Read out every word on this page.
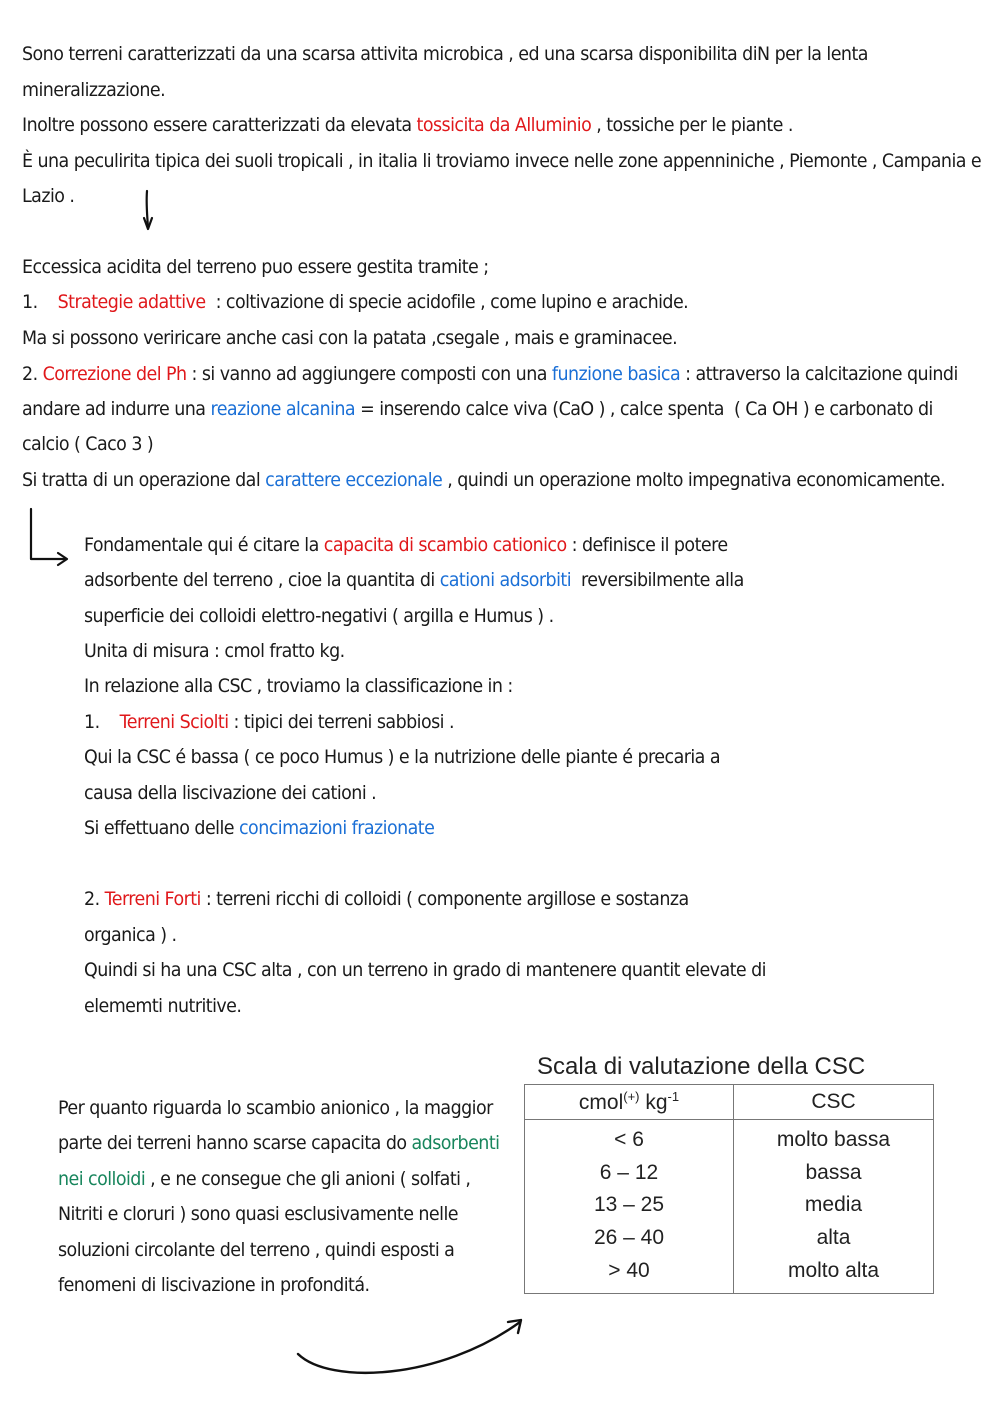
Sono terreni caratterizzati da una scarsa attivita microbica , ed una scarsa disponibilita diN per la lenta
mineralizzazione.
Inoltre possono essere caratterizzati da elevata tossicita da Alluminio , tossiche per le piante .
È una peculirita tipica dei suoli tropicali , in italia li troviamo invece nelle zone appenniniche , Piemonte , Campania e
Lazio .
Eccessica acidita del terreno puo essere gestita tramite ;
1.    Strategie adattive  : coltivazione di specie acidofile , come lupino e arachide.
Ma si possono veriricare anche casi con la patata ,csegale , mais e graminacee.
2. Correzione del Ph : si vanno ad aggiungere composti con una funzione basica : attraverso la calcitazione quindi
andare ad indurre una reazione alcanina = inserendo calce viva (CaO ) , calce spenta  ( Ca OH ) e carbonato di
calcio ( Caco 3 )
Si tratta di un operazione dal carattere eccezionale , quindi un operazione molto impegnativa economicamente.
Fondamentale qui é citare la capacita di scambio cationico : definisce il potere
adsorbente del terreno , cioe la quantita di cationi adsorbiti  reversibilmente alla
superficie dei colloidi elettro-negativi ( argilla e Humus ) .
Unita di misura : cmol fratto kg.
In relazione alla CSC , troviamo la classificazione in :
1.    Terreni Sciolti : tipici dei terreni sabbiosi .
Qui la CSC é bassa ( ce poco Humus ) e la nutrizione delle piante é precaria a
causa della liscivazione dei cationi .
Si effettuano delle concimazioni frazionate
2. Terreni Forti : terreni ricchi di colloidi ( componente argillose e sostanza
organica ) .
Quindi si ha una CSC alta , con un terreno in grado di mantenere quantit elevate di
elememti nutritive.
Per quanto riguarda lo scambio anionico , la maggior
parte dei terreni hanno scarse capacita do adsorbenti
nei colloidi , e ne consegue che gli anioni ( solfati ,
Nitriti e cloruri ) sono quasi esclusivamente nelle
soluzioni circolante del terreno , quindi esposti a
fenomeni di liscivazione in profonditá.
Scala di valutazione della CSC
cmol(+) $kg^{-1}$	CSC
< 6	molto bassa
6 – 12	bassa
13 – 25	media
26 – 40	alta
> 40	molto alta
